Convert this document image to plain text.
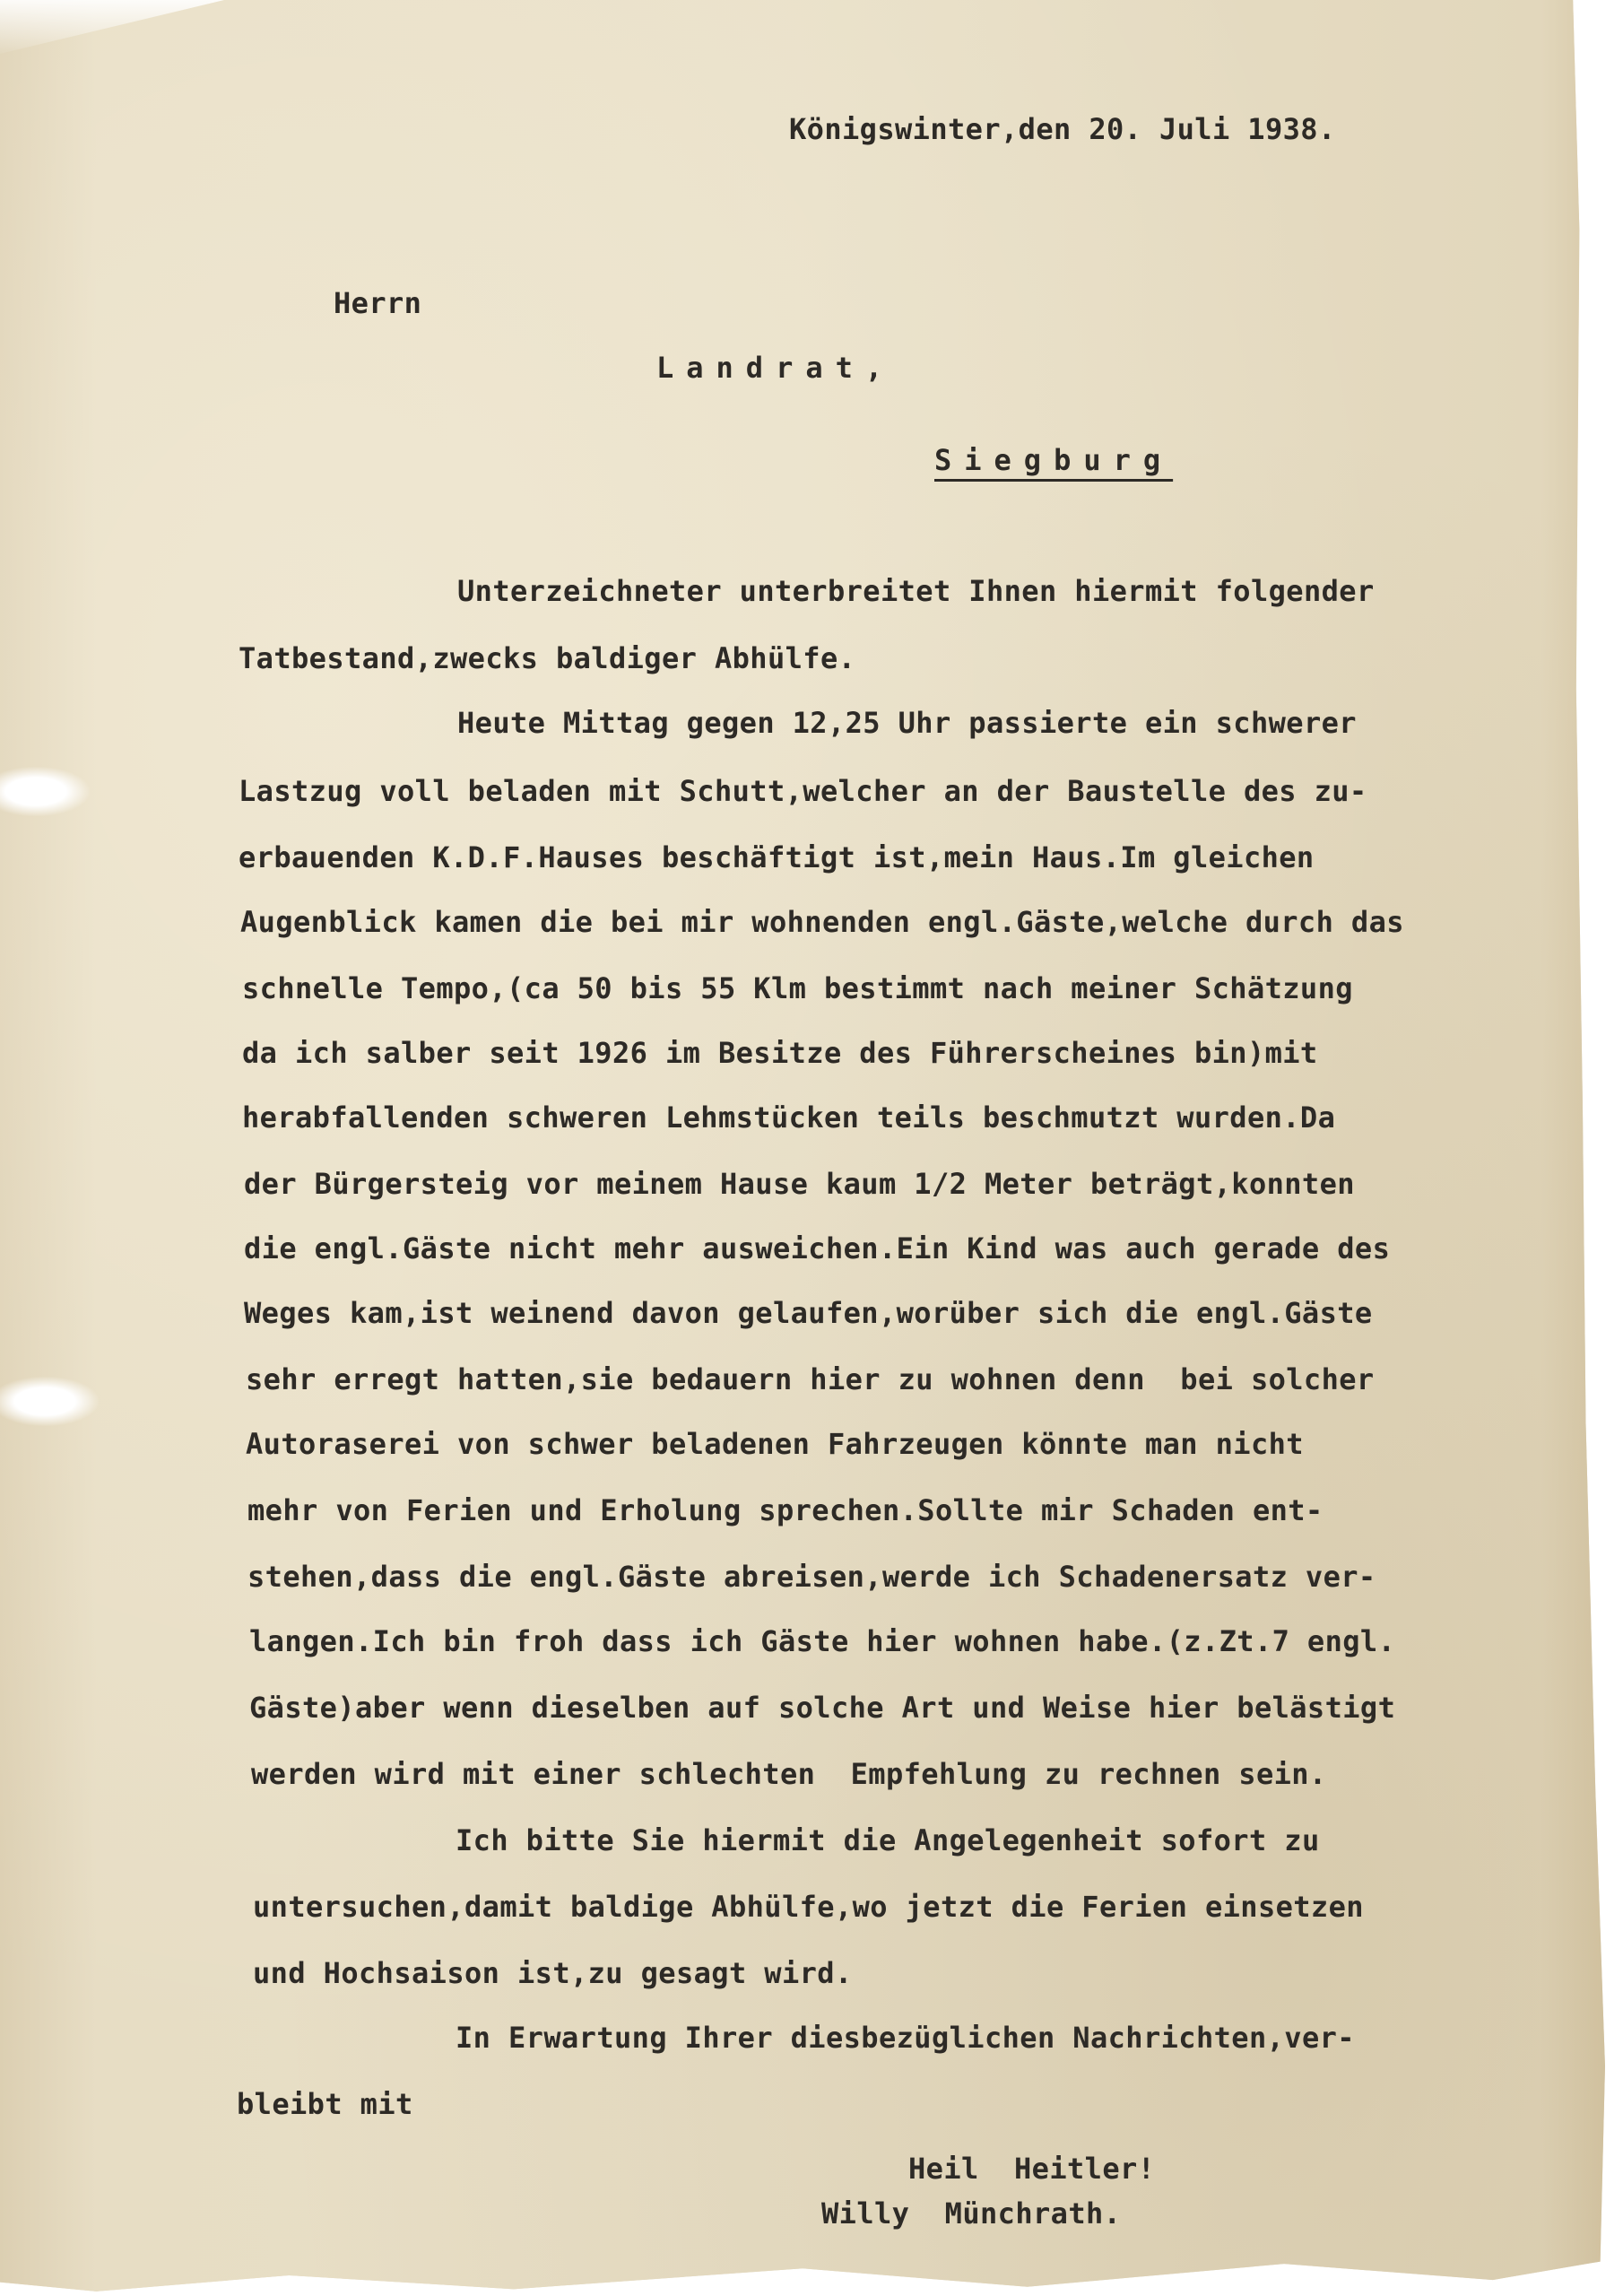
Königswinter,den 20. Juli 1938.

Herrn

Landrat,

Siegburg

Unterzeichneter unterbreitet Ihnen hiermit folgender

Tatbestand,zwecks baldiger Abhülfe.

Heute Mittag gegen 12,25 Uhr passierte ein schwerer

Lastzug voll beladen mit Schutt,welcher an der Baustelle des zu-

erbauenden K.D.F.Hauses beschäftigt ist,mein Haus.Im gleichen

Augenblick kamen die bei mir wohnenden engl.Gäste,welche durch das

schnelle Tempo,(ca 50 bis 55 Klm bestimmt nach meiner Schätzung

da ich salber seit 1926 im Besitze des Führerscheines bin)mit

herabfallenden schweren Lehmstücken teils beschmutzt wurden.Da

der Bürgersteig vor meinem Hause kaum 1/2 Meter beträgt,konnten

die engl.Gäste nicht mehr ausweichen.Ein Kind was auch gerade des

Weges kam,ist weinend davon gelaufen,worüber sich die engl.Gäste

sehr erregt hatten,sie bedauern hier zu wohnen denn  bei solcher

Autoraserei von schwer beladenen Fahrzeugen könnte man nicht

mehr von Ferien und Erholung sprechen.Sollte mir Schaden ent-

stehen,dass die engl.Gäste abreisen,werde ich Schadenersatz ver-

langen.Ich bin froh dass ich Gäste hier wohnen habe.(z.Zt.7 engl.

Gäste)aber wenn dieselben auf solche Art und Weise hier belästigt

werden wird mit einer schlechten  Empfehlung zu rechnen sein.

Ich bitte Sie hiermit die Angelegenheit sofort zu

untersuchen,damit baldige Abhülfe,wo jetzt die Ferien einsetzen

und Hochsaison ist,zu gesagt wird.

In Erwartung Ihrer diesbezüglichen Nachrichten,ver-

bleibt mit

Heil  Heitler!

Willy  Münchrath.
